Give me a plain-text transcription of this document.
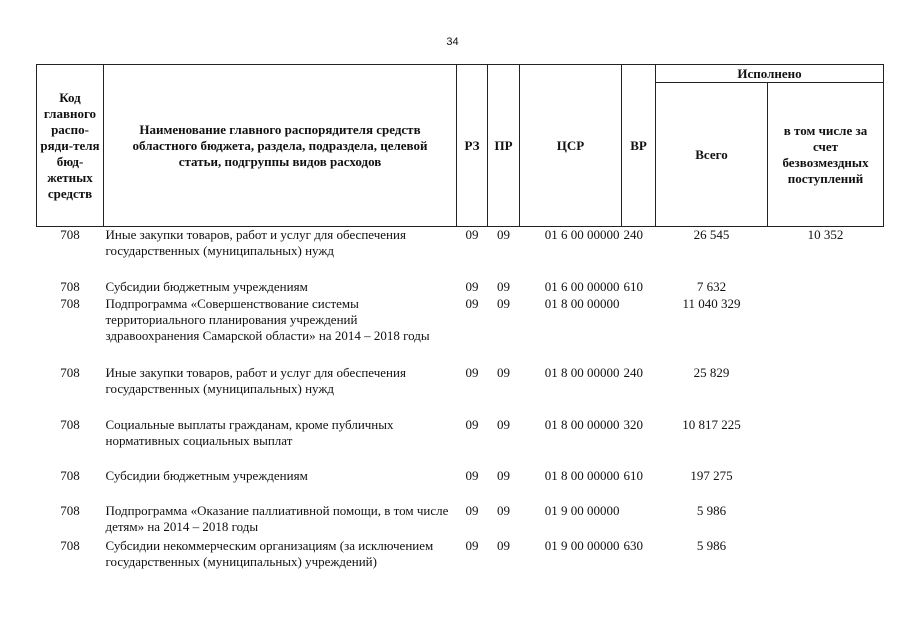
34
Код главного распо-ряди-теля бюд-жетных средств	Наименование главного распорядителя средств областного бюджета, раздела, подраздела, целевой статьи, подгруппы видов расходов	РЗ	ПР	ЦСР	ВР	Исполнено	
						Всего	в том числе за счет безвозмездных поступлений
708	Иные закупки товаров, работ и услуг для обеспечения государственных (муниципальных) нужд	09	09	01 6 00 00000	240	26 545	10 352
708	Субсидии бюджетным учреждениям	09	09	01 6 00 00000	610	7 632	
708	Подпрограмма «Совершенствование системы территориального планирования учреждений здравоохранения Самарской области» на 2014 – 2018 годы	09	09	01 8 00 00000		11 040 329	
708	Иные закупки товаров, работ и услуг для обеспечения государственных (муниципальных) нужд	09	09	01 8 00 00000	240	25 829	
708	Социальные выплаты гражданам, кроме публичных нормативных социальных выплат	09	09	01 8 00 00000	320	10 817 225	
708	Субсидии бюджетным учреждениям	09	09	01 8 00 00000	610	197 275	
708	Подпрограмма «Оказание паллиативной помощи, в том числе детям» на 2014 – 2018 годы	09	09	01 9 00 00000		5 986	
708	Субсидии некоммерческим организациям (за исключением государственных (муниципальных) учреждений)	09	09	01 9 00 00000	630	5 986	
